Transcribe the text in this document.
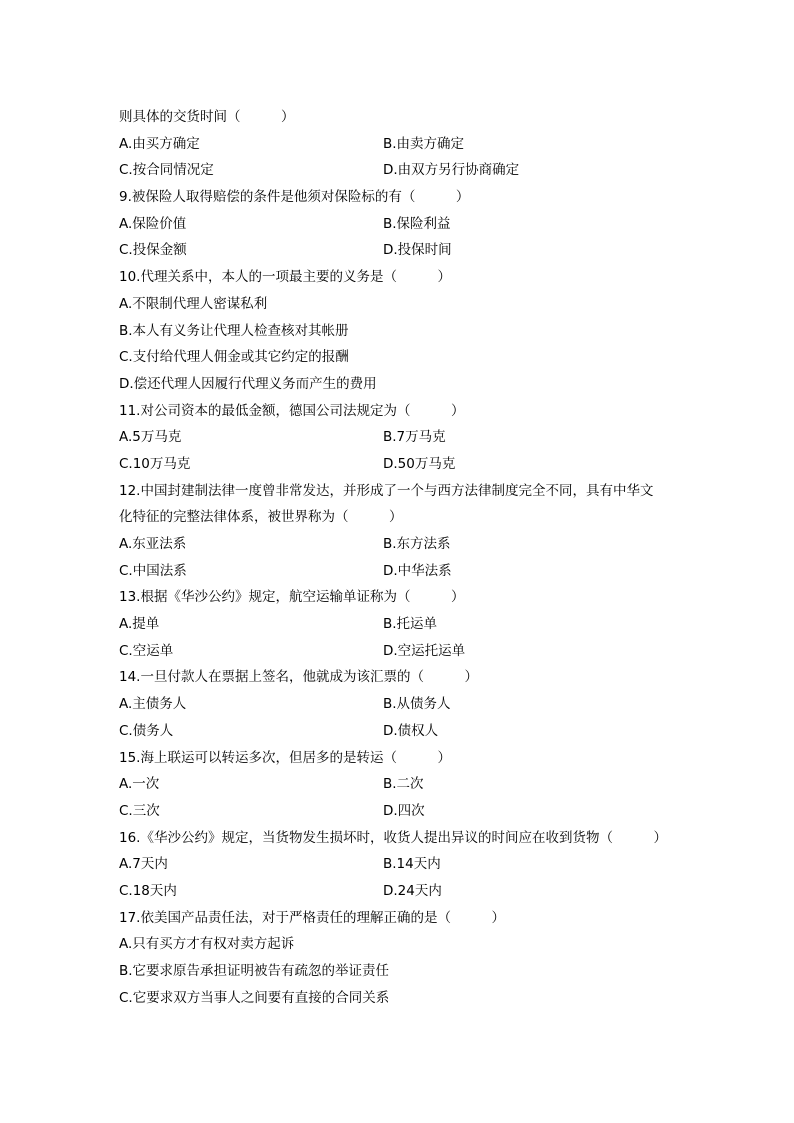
则具体的交货时间（　　　）
A.由买方确定	B.由卖方确定
C.按合同情况定	D.由双方另行协商确定
9.被保险人取得赔偿的条件是他须对保险标的有（　　　）
A.保险价值	B.保险利益
C.投保金额	D.投保时间
10.代理关系中，本人的一项最主要的义务是（　　　）
A.不限制代理人密谋私利
B.本人有义务让代理人检查核对其帐册
C.支付给代理人佣金或其它约定的报酬
D.偿还代理人因履行代理义务而产生的费用
11.对公司资本的最低金额，德国公司法规定为（　　　）
A.5万马克	B.7万马克
C.10万马克	D.50万马克
12.中国封建制法律一度曾非常发达，并形成了一个与西方法律制度完全不同，具有中华文
化特征的完整法律体系，被世界称为（　　　）
A.东亚法系	B.东方法系
C.中国法系	D.中华法系
13.根据《华沙公约》规定，航空运输单证称为（　　　）
A.提单	B.托运单
C.空运单	D.空运托运单
14.一旦付款人在票据上签名，他就成为该汇票的（　　　）
A.主债务人	B.从债务人
C.债务人	D.债权人
15.海上联运可以转运多次，但居多的是转运（　　　）
A.一次	B.二次
C.三次	D.四次
16.《华沙公约》规定，当货物发生损坏时，收货人提出异议的时间应在收到货物（　　　）
A.7天内	B.14天内
C.18天内	D.24天内
17.依美国产品责任法，对于严格责任的理解正确的是（　　　）
A.只有买方才有权对卖方起诉
B.它要求原告承担证明被告有疏忽的举证责任
C.它要求双方当事人之间要有直接的合同关系
